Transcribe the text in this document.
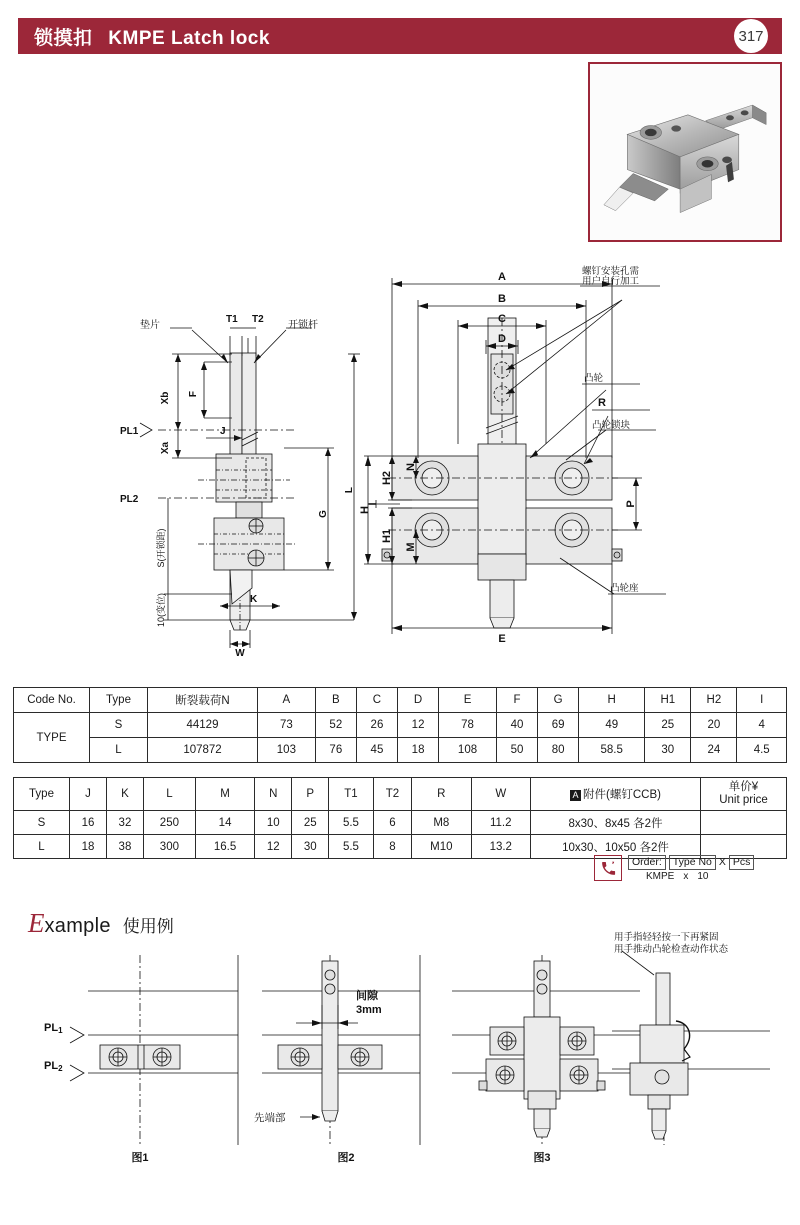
锁摸扣 KMPE Latch lock	317
垫片
T1 T2
开锁杆
Xb
Xa
F
J
PL1
PL2
G
L
K
W
S(开锁距)
10(变位)
A
B
C
D
E
H
H2
H1
N
M
I	P
R
螺钉安装孔需
用户自行加工
凸轮
凸轮锁块
凸轮座
Code No.	Type	断裂载荷N	A	B	C	D	E	F	G	H	H1	H2	I
TYPE	S	44129	73	52	26	12	78	40	69	49	25	20	4
	L	107872	103	76	45	18	108	50	80	58.5	30	24	4.5
Type	J	K	L	M	N	P	T1	T2	R	W	A 附件(螺钉CCB)	单价¥
Unit price
S	16	32	250	14	10	25	5.5	6	M8	11.2	8x30、8x45 各2件	
L	18	38	300	16.5	12	30	5.5	8	M10	13.2	10x30、10x50 各2件	
Order:	Type No X Pcs
KMPE x 10
Example 使用例
PL1
PL2
图1	图2	图3
间隙
3mm
先端部
用手指轻轻按一下再紧固
用手推动凸轮检查动作状态
